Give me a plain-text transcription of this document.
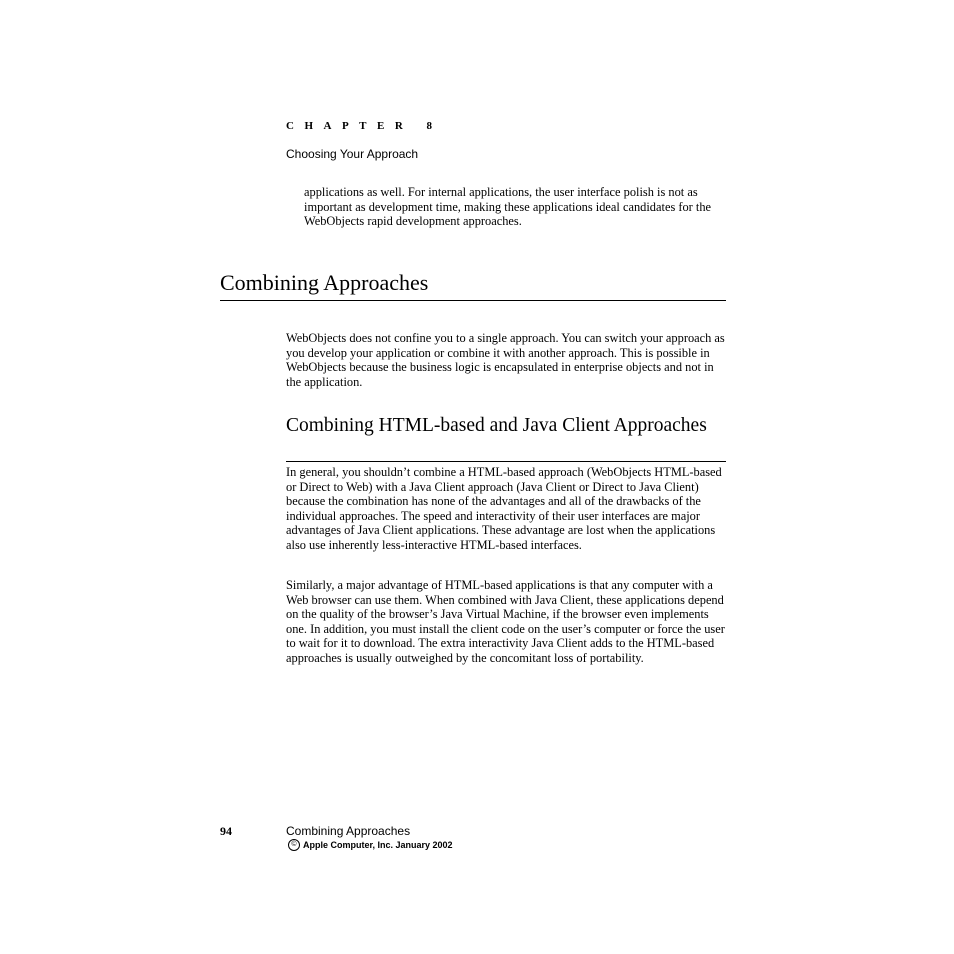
CHAPTER 8
Choosing Your Approach

applications as well. For internal applications, the user interface polish is not as important as development time, making these applications ideal candidates for the WebObjects rapid development approaches.

Combining Approaches

WebObjects does not confine you to a single approach. You can switch your approach as you develop your application or combine it with another approach. This is possible in WebObjects because the business logic is encapsulated in enterprise objects and not in the application.

Combining HTML-based and Java Client Approaches

In general, you shouldn’t combine a HTML-based approach (WebObjects HTML-based or Direct to Web) with a Java Client approach (Java Client or Direct to Java Client) because the combination has none of the advantages and all of the drawbacks of the individual approaches. The speed and interactivity of their user interfaces are major advantages of Java Client applications. These advantage are lost when the applications also use inherently less-interactive HTML-based interfaces.

Similarly, a major advantage of HTML-based applications is that any computer with a Web browser can use them. When combined with Java Client, these applications depend on the quality of the browser’s Java Virtual Machine, if the browser even implements one. In addition, you must install the client code on the user’s computer or force the user to wait for it to download. The extra interactivity Java Client adds to the HTML-based approaches is usually outweighed by the concomitant loss of portability.

94	Combining Approaches
© Apple Computer, Inc. January 2002
